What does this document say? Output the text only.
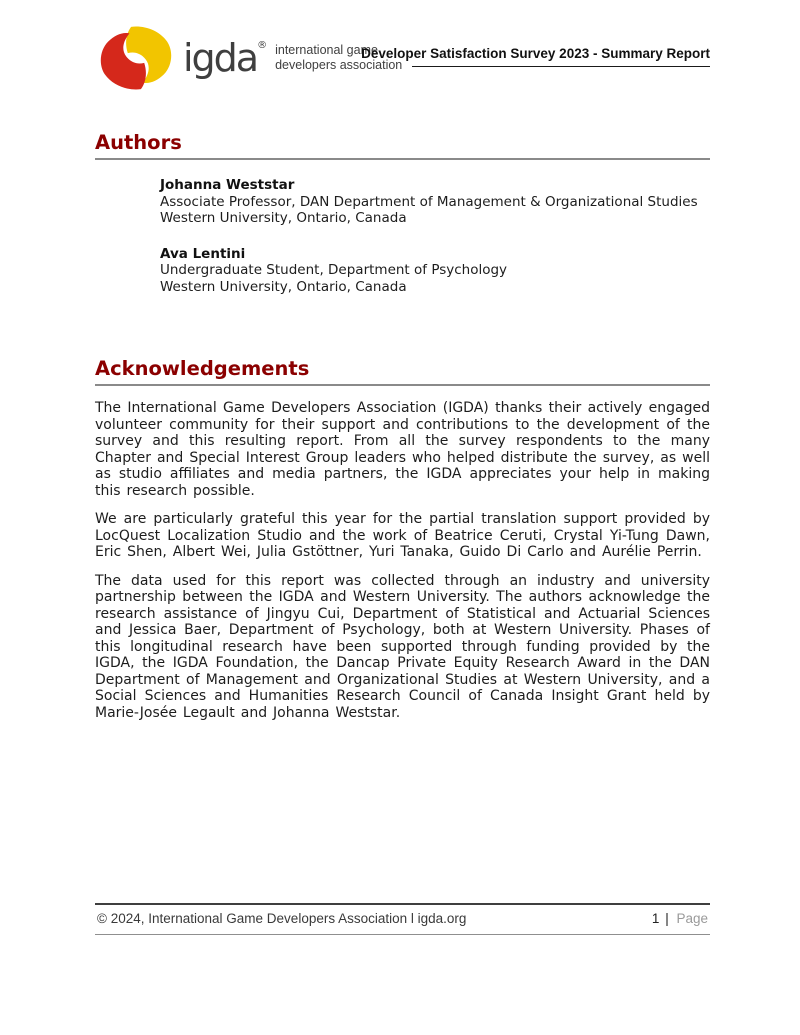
igda ® international game
developers association
Developer Satisfaction Survey 2023 - Summary Report
Authors
Johanna Weststar
Associate Professor, DAN Department of Management & Organizational Studies
Western University, Ontario, Canada
Ava Lentini
Undergraduate Student, Department of Psychology
Western University, Ontario, Canada
Acknowledgements

The International Game Developers Association (IGDA) thanks their actively engaged volunteer community for their support and contributions to the development of the survey and this resulting report. From all the survey respondents to the many Chapter and Special Interest Group leaders who helped distribute the survey, as well as studio affiliates and media partners, the IGDA appreciates your help in making this research possible.

We are particularly grateful this year for the partial translation support provided by LocQuest Localization Studio and the work of Beatrice Ceruti, Crystal Yi-Tung Dawn, Eric Shen, Albert Wei, Julia Gstöttner, Yuri Tanaka, Guido Di Carlo and Aurélie Perrin.

The data used for this report was collected through an industry and university partnership between the IGDA and Western University. The authors acknowledge the research assistance of Jingyu Cui, Department of Statistical and Actuarial Sciences and Jessica Baer, Department of Psychology, both at Western University. Phases of this longitudinal research have been supported through funding provided by the IGDA, the IGDA Foundation, the Dancap Private Equity Research Award in the DAN Department of Management and Organizational Studies at Western University, and a Social Sciences and Humanities Research Council of Canada Insight Grant held by Marie-Josée Legault and Johanna Weststar.

© 2024, International Game Developers Association l igda.org	1 | Page
